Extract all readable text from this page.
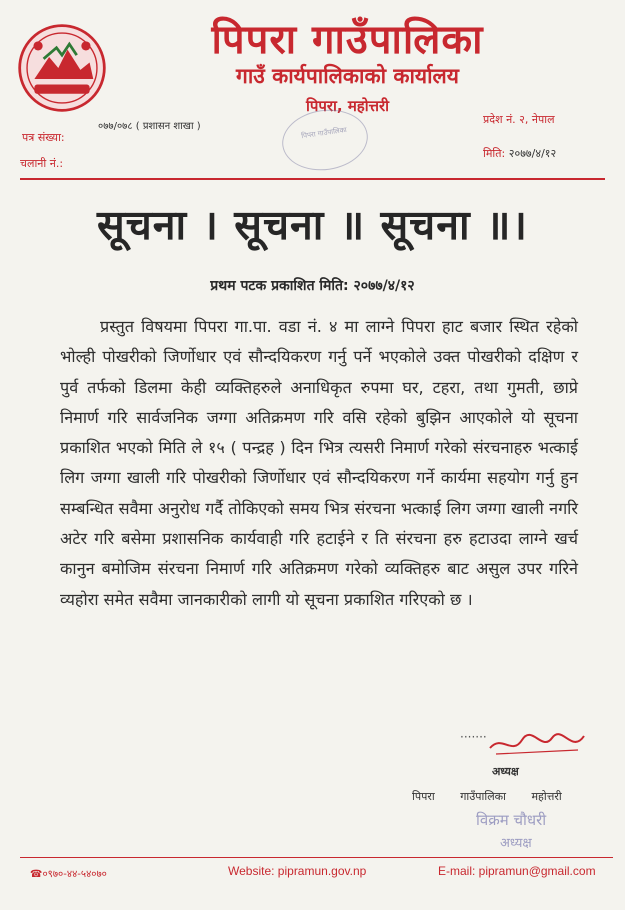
पिपरा गाउँपालिका
गाउँ कार्यपालिकाको कार्यालय
पिपरा, महोत्तरी
०७७/०७८ ( प्रशासन शाखा )
प्रदेश नं. २, नेपाल
पत्र संख्या:
चलानी नं.:
मिति: २०७७/४/१२
पिपरा गाउँपालिका
सूचना । सूचना ॥ सूचना ॥।
प्रथम पटक प्रकाशित मिति: २०७७/४/१२
प्रस्तुत विषयमा पिपरा गा.पा. वडा नं. ४ मा लाग्ने पिपरा हाट बजार स्थित रहेको भोल्ही पोखरीको जिर्णोधार एवं सौन्दयिकरण गर्नु पर्ने भएकोले उक्त पोखरीको दक्षिण र पुर्व तर्फको डिलमा केही व्यक्तिहरुले अनाधिकृत रुपमा घर, टहरा, तथा गुमती, छाप्रे निमार्ण गरि सार्वजनिक जग्गा अतिक्रमण गरि वसि रहेको बुझिन आएकोले यो सूचना प्रकाशित भएको मिति ले १५ ( पन्द्रह ) दिन भित्र त्यसरी निमार्ण गरेको संरचनाहरु भत्काई लिग जग्गा खाली गरि पोखरीको जिर्णोधार एवं सौन्दयिकरण गर्ने कार्यमा सहयोग गर्नु हुन सम्बन्धित सवैमा अनुरोध गर्दै तोकिएको समय भित्र संरचना भत्काई लिग जग्गा खाली नगरि अटेर गरि बसेमा प्रशासनिक कार्यवाही गरि हटाईने र ति संरचना हरु हटाउदा लाग्ने खर्च कानुन बमोजिम संरचना निमार्ण गरि अतिक्रमण गरेको व्यक्तिहरु बाट असुल उपर गरिने व्यहोरा समेत सवैमा जानकारीको लागी यो सूचना प्रकाशित गरिएको छ ।
·······
अध्यक्ष
पिपरा गाउँपालिका महोत्तरी
विक्रम चौधरी
अध्यक्ष
☎०९७०-४४-५४०७०	Website: pipramun.gov.np	E-mail: pipramun@gmail.com
